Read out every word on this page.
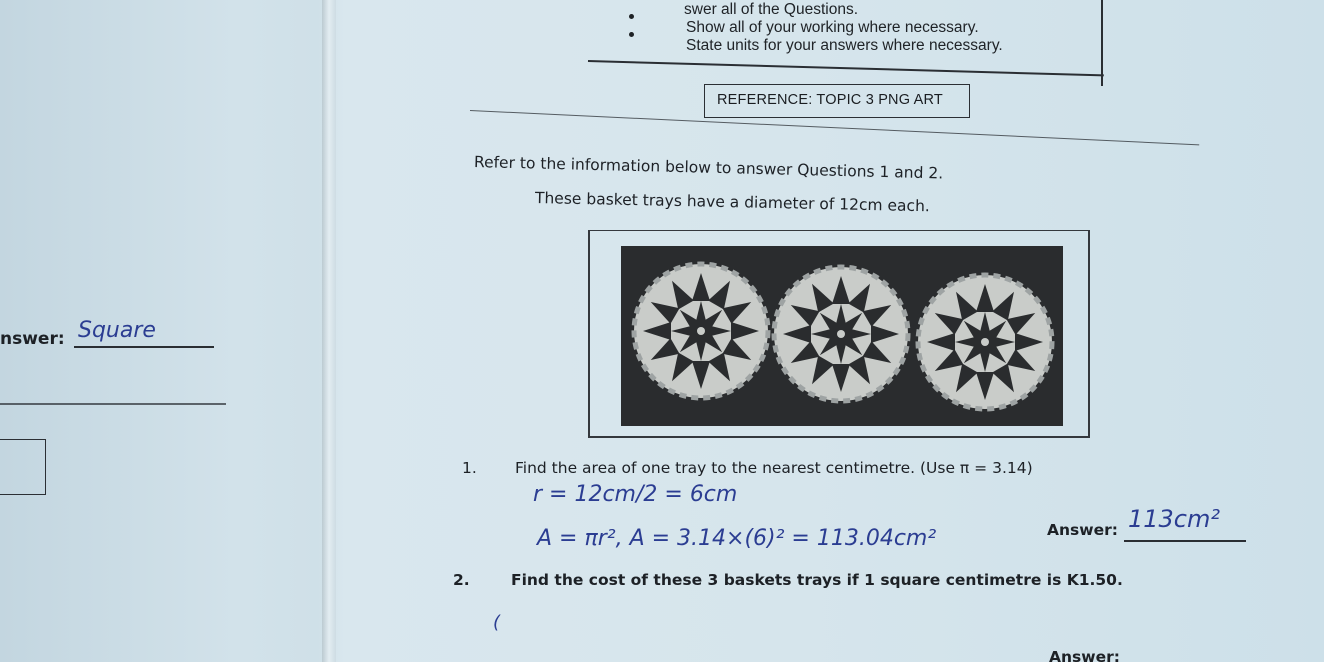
swer all of the Questions.
Show all of your working where necessary.
State units for your answers where necessary.
REFERENCE: TOPIC 3 PNG ART
Refer to the information below to answer Questions 1 and 2.
These basket trays have a diameter of 12cm each.
nswer: Square
1. Find the area of one tray to the nearest centimetre. (Use π = 3.14)
r = 12cm/2 = 6cm
A = πr², A = 3.14×(6)² = 113.04cm²	Answer: 113cm²
2.	Find the cost of these 3 baskets trays if 1 square centimetre is K1.50.
(
Answer:
